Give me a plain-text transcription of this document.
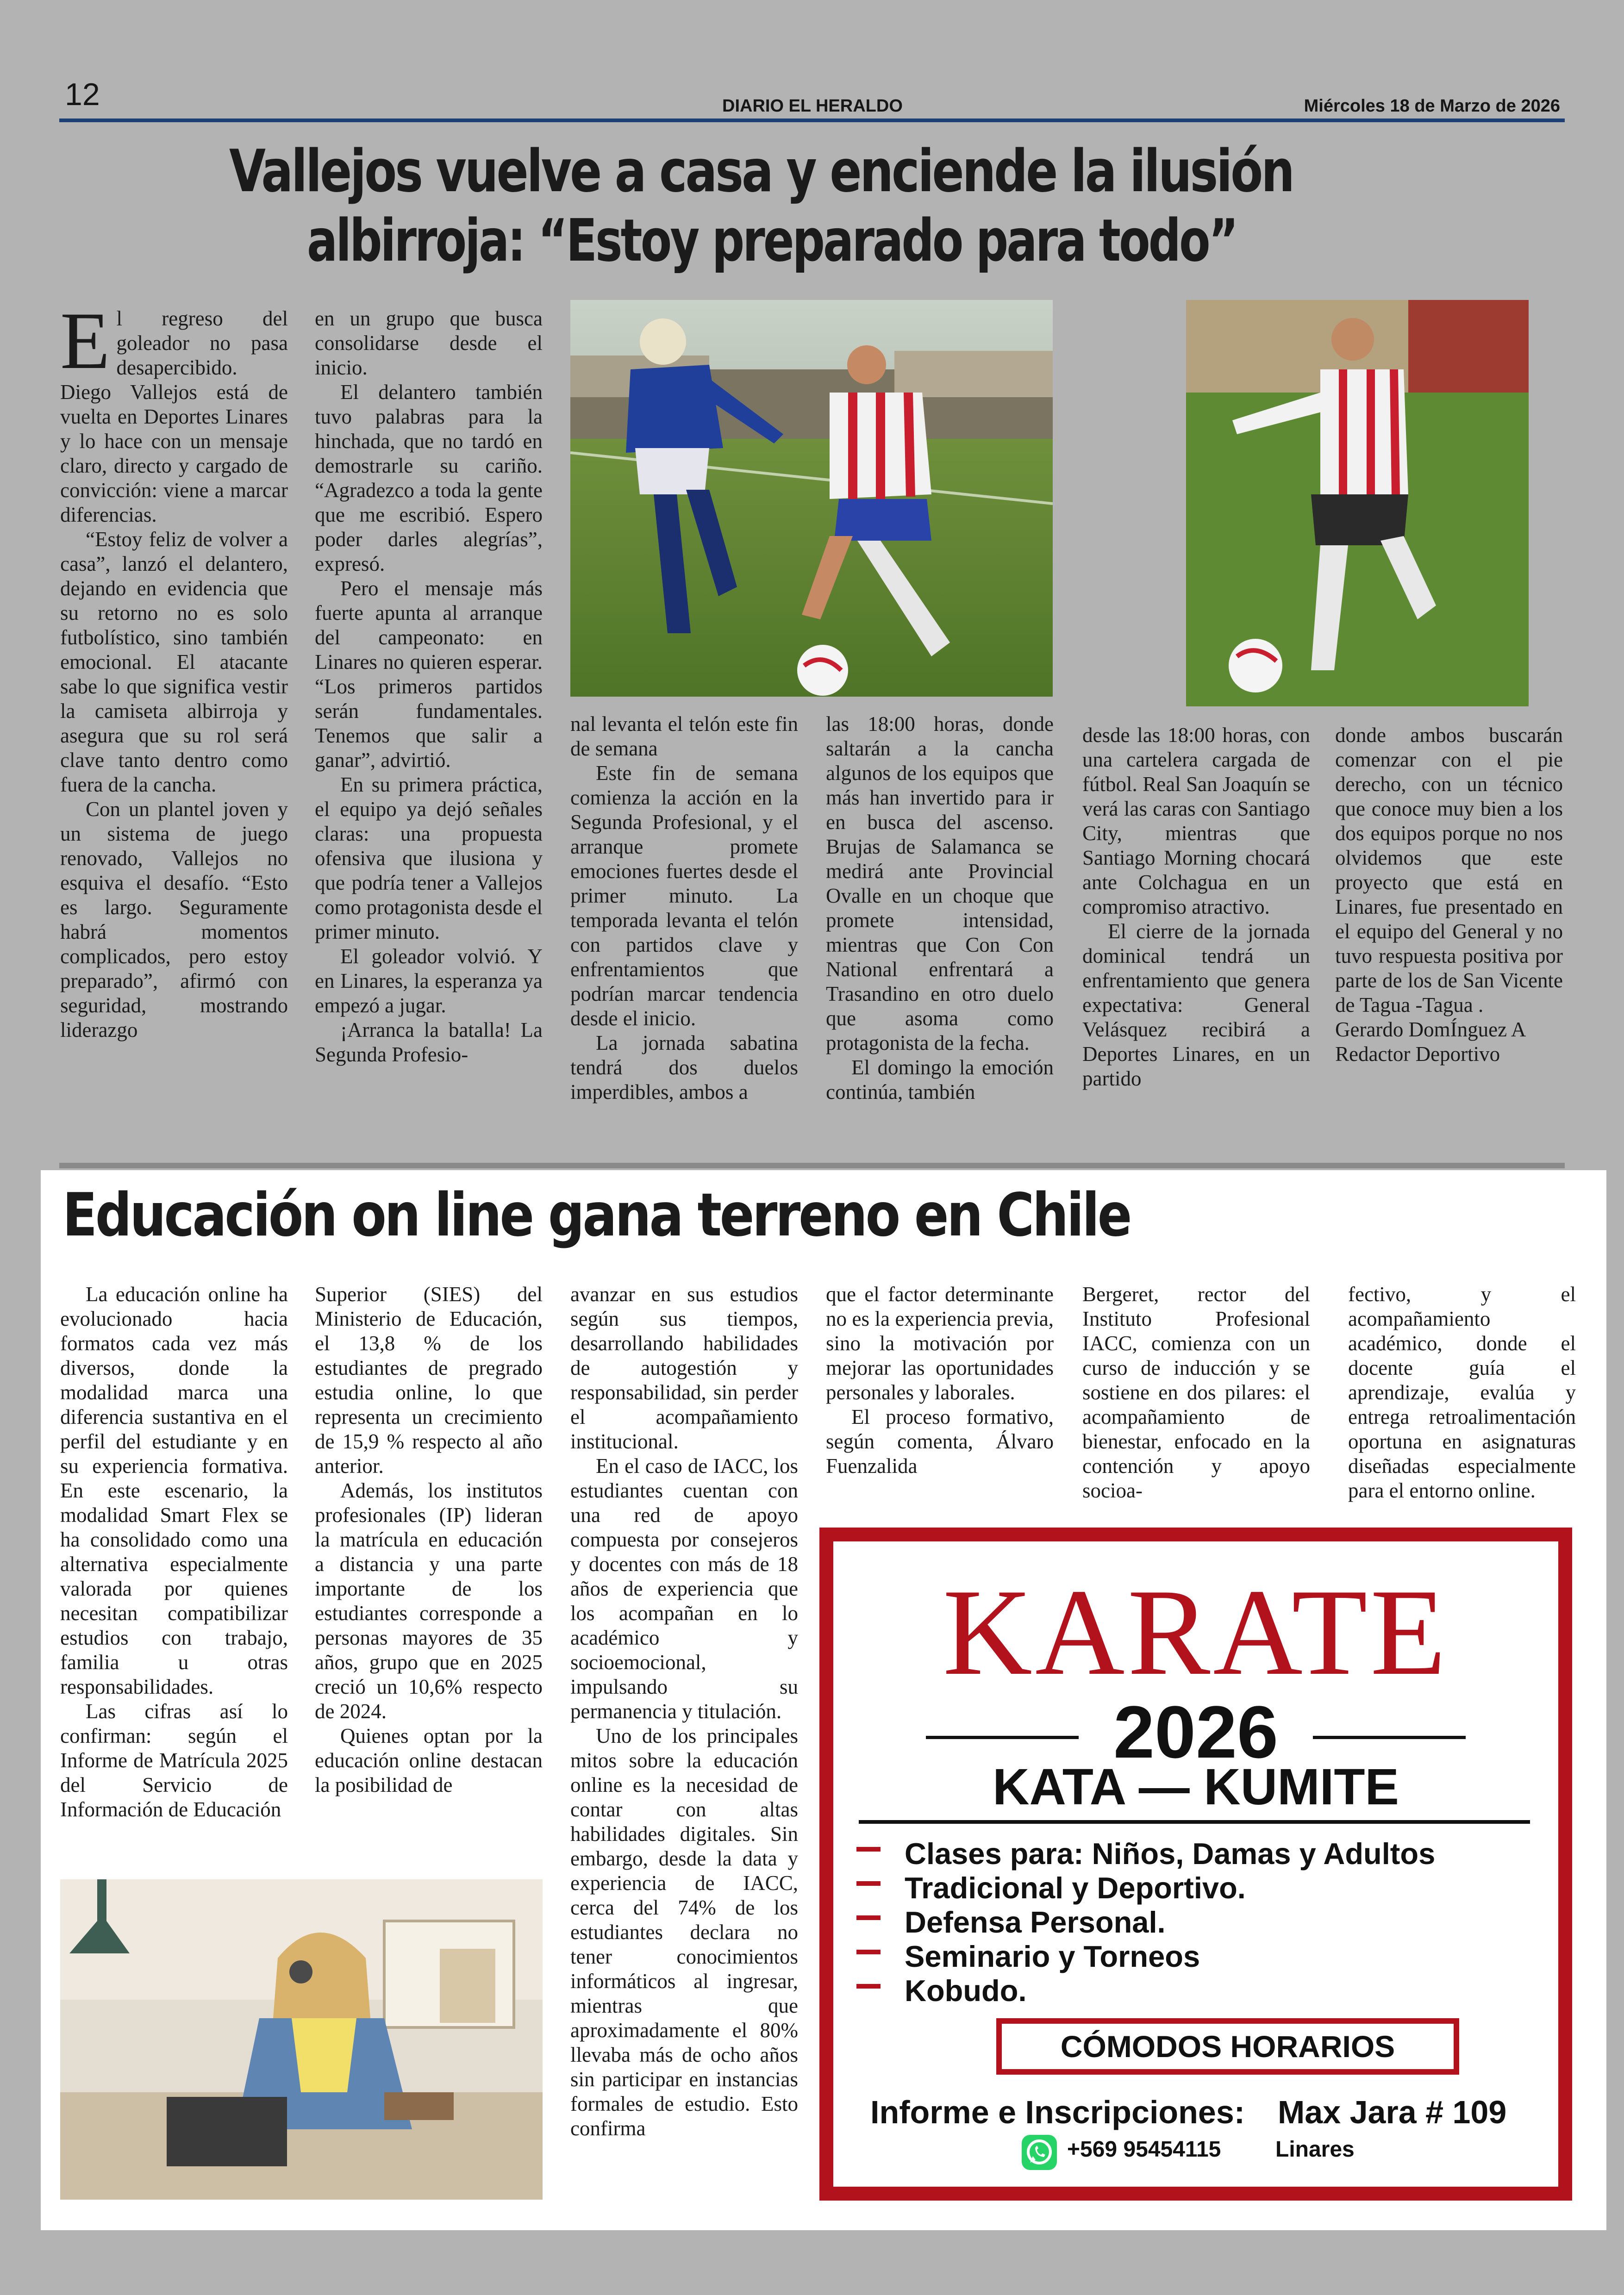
12	DIARIO EL HERALDO	Miércoles 18 de Marzo de 2026
Vallejos vuelve a casa y enciende la ilusión
albirroja: “Estoy preparado para todo”

El regreso del goleador no pasa desapercibido. Diego Vallejos está de vuelta en Deportes Linares y lo hace con un mensaje claro, directo y cargado de convicción: viene a marcar diferencias.

“Estoy feliz de volver a casa”, lanzó el delantero, dejando en evidencia que su retorno no es solo futbolístico, sino también emocional. El atacante sabe lo que significa vestir la camiseta albirroja y asegura que su rol será clave tanto dentro como fuera de la cancha.

Con un plantel joven y un sistema de juego renovado, Vallejos no esquiva el desafío. “Esto es largo. Seguramente habrá momentos complicados, pero estoy preparado”, afirmó con seguridad, mostrando liderazgo

en un grupo que busca consolidarse desde el inicio.

El delantero también tuvo palabras para la hinchada, que no tardó en demostrarle su cariño. “Agradezco a toda la gente que me escribió. Espero poder darles alegrías”, expresó.

Pero el mensaje más fuerte apunta al arranque del campeonato: en Linares no quieren esperar. “Los primeros partidos serán fundamentales. Tenemos que salir a ganar”, advirtió.

En su primera práctica, el equipo ya dejó señales claras: una propuesta ofensiva que ilusiona y que podría tener a Vallejos como protagonista desde el primer minuto.

El goleador volvió. Y en Linares, la esperanza ya empezó a jugar.

¡Arranca la batalla! La Segunda Profesio-

nal levanta el telón este fin de semana

Este fin de semana comienza la acción en la Segunda Profesional, y el arranque promete emociones fuertes desde el primer minuto. La temporada levanta el telón con partidos clave y enfrentamientos que podrían marcar tendencia desde el inicio.

La jornada sabatina tendrá dos duelos imperdibles, ambos a

las 18:00 horas, donde saltarán a la cancha algunos de los equipos que más han invertido para ir en busca del ascenso. Brujas de Salamanca se medirá ante Provincial Ovalle en un choque que promete intensidad, mientras que Con Con National enfrentará a Trasandino en otro duelo que asoma como protagonista de la fecha.

El domingo la emoción continúa, también

desde las 18:00 horas, con una cartelera cargada de fútbol. Real San Joaquín se verá las caras con Santiago City, mientras que Santiago Morning chocará ante Colchagua en un compromiso atractivo.

El cierre de la jornada dominical tendrá un enfrentamiento que genera expectativa: General Velásquez recibirá a Deportes Linares, en un partido

donde ambos buscarán comenzar con el pie derecho, con un técnico que conoce muy bien a los dos equipos porque no nos olvidemos que este proyecto que está en Linares, fue presentado en el equipo del General y no tuvo respuesta positiva por parte de los de San Vicente de Tagua -Tagua .

Gerardo DomÍnguez A

Redactor Deportivo

Educación on line gana terreno en Chile

La educación online ha evolucionado hacia formatos cada vez más diversos, donde la modalidad marca una diferencia sustantiva en el perfil del estudiante y en su experiencia formativa. En este escenario, la modalidad Smart Flex se ha consolidado como una alternativa especialmente valorada por quienes necesitan compatibilizar estudios con trabajo, familia u otras responsabilidades.

Las cifras así lo confirman: según el Informe de Matrícula 2025 del Servicio de Información de Educación

Superior (SIES) del Ministerio de Educación, el 13,8 % de los estudiantes de pregrado estudia online, lo que representa un crecimiento de 15,9 % respecto al año anterior.

Además, los institutos profesionales (IP) lideran la matrícula en educación a distancia y una parte importante de los estudiantes corresponde a personas mayores de 35 años, grupo que en 2025 creció un 10,6% respecto de 2024.

Quienes optan por la educación online destacan la posibilidad de

avanzar en sus estudios según sus tiempos, desarrollando habilidades de autogestión y responsabilidad, sin perder el acompañamiento institucional.

En el caso de IACC, los estudiantes cuentan con una red de apoyo compuesta por consejeros y docentes con más de 18 años de experiencia que los acompañan en lo académico y socioemocional, impulsando su permanencia y titulación.

Uno de los principales mitos sobre la educación online es la necesidad de contar con altas habilidades digitales. Sin embargo, desde la data y experiencia de IACC, cerca del 74% de los estudiantes declara no tener conocimientos informáticos al ingresar, mientras que aproximadamente el 80% llevaba más de ocho años sin participar en instancias formales de estudio. Esto confirma

que el factor determinante no es la experiencia previa, sino la motivación por mejorar las oportunidades personales y laborales.

El proceso formativo, según comenta, Álvaro Fuenzalida

Bergeret, rector del Instituto Profesional IACC, comienza con un curso de inducción y se sostiene en dos pilares: el acompañamiento de bienestar, enfocado en la contención y apoyo socioa-

fectivo, y el acompañamiento académico, donde el docente guía el aprendizaje, evalúa y entrega retroalimentación oportuna en asignaturas diseñadas especialmente para el entorno online.

KARATE
2026
KATA — KUMITE
Clases para: Niños, Damas y Adultos
Tradicional y Deportivo.
Defensa Personal.
Seminario y Torneos
Kobudo.
CÓMODOS HORARIOS
Informe e Inscripciones: Max Jara # 109
+569 95454115 Linares
